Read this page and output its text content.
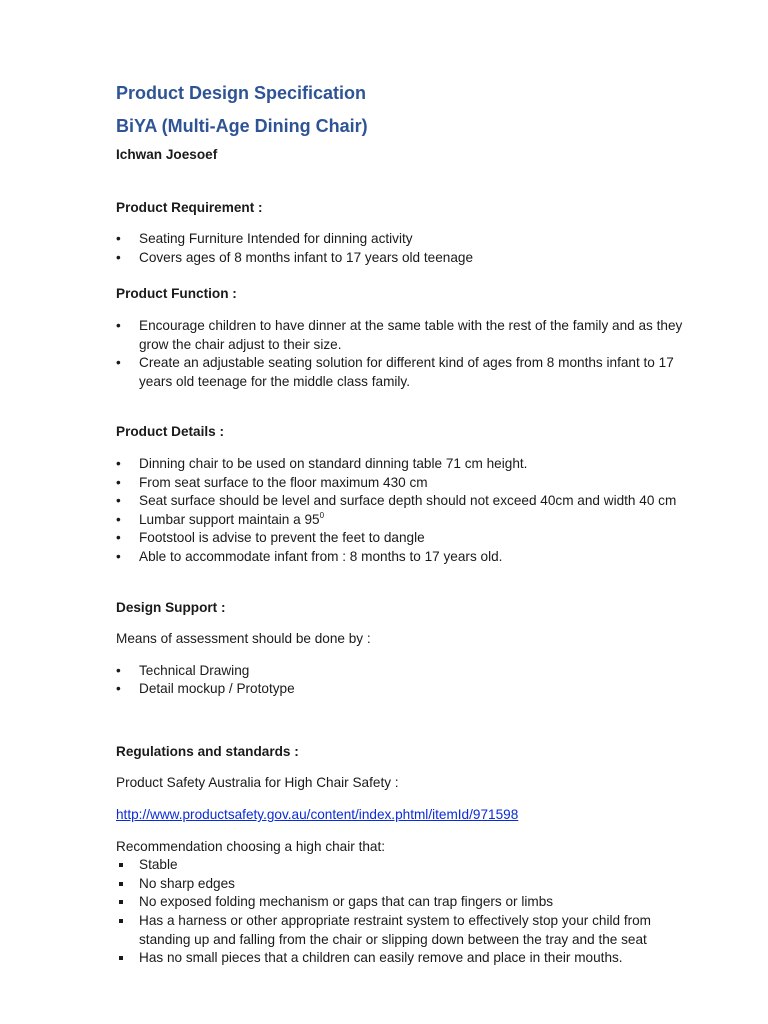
Product Design Specification
BiYA (Multi-Age Dining Chair)
Ichwan Joesoef
Product Requirement :
• Seating Furniture Intended for dinning activity
• Covers ages of 8 months infant to 17 years old teenage
Product Function :
• Encourage children to have dinner at the same table with the rest of the family and as they grow the chair adjust to their size.
• Create an adjustable seating solution for different kind of ages from 8 months infant to 17 years old teenage for the middle class family.
Product Details :
• Dinning chair to be used on standard dinning table 71 cm height.
• From seat surface to the floor maximum 430 cm
• Seat surface should be level and surface depth should not exceed 40cm and width 40 cm
• Lumbar support maintain a $95^0$
• Footstool is advise to prevent the feet to dangle
• Able to accommodate infant from : 8 months to 17 years old.
Design Support :

Means of assessment should be done by :

• Technical Drawing
• Detail mockup / Prototype
Regulations and standards :

Product Safety Australia for High Chair Safety :

http://www.productsafety.gov.au/content/index.phtml/itemId/971598

Recommendation choosing a high chair that:

Stable
No sharp edges
No exposed folding mechanism or gaps that can trap fingers or limbs
Has a harness or other appropriate restraint system to effectively stop your child from standing up and falling from the chair or slipping down between the tray and the seat
Has no small pieces that a children can easily remove and place in their mouths.
